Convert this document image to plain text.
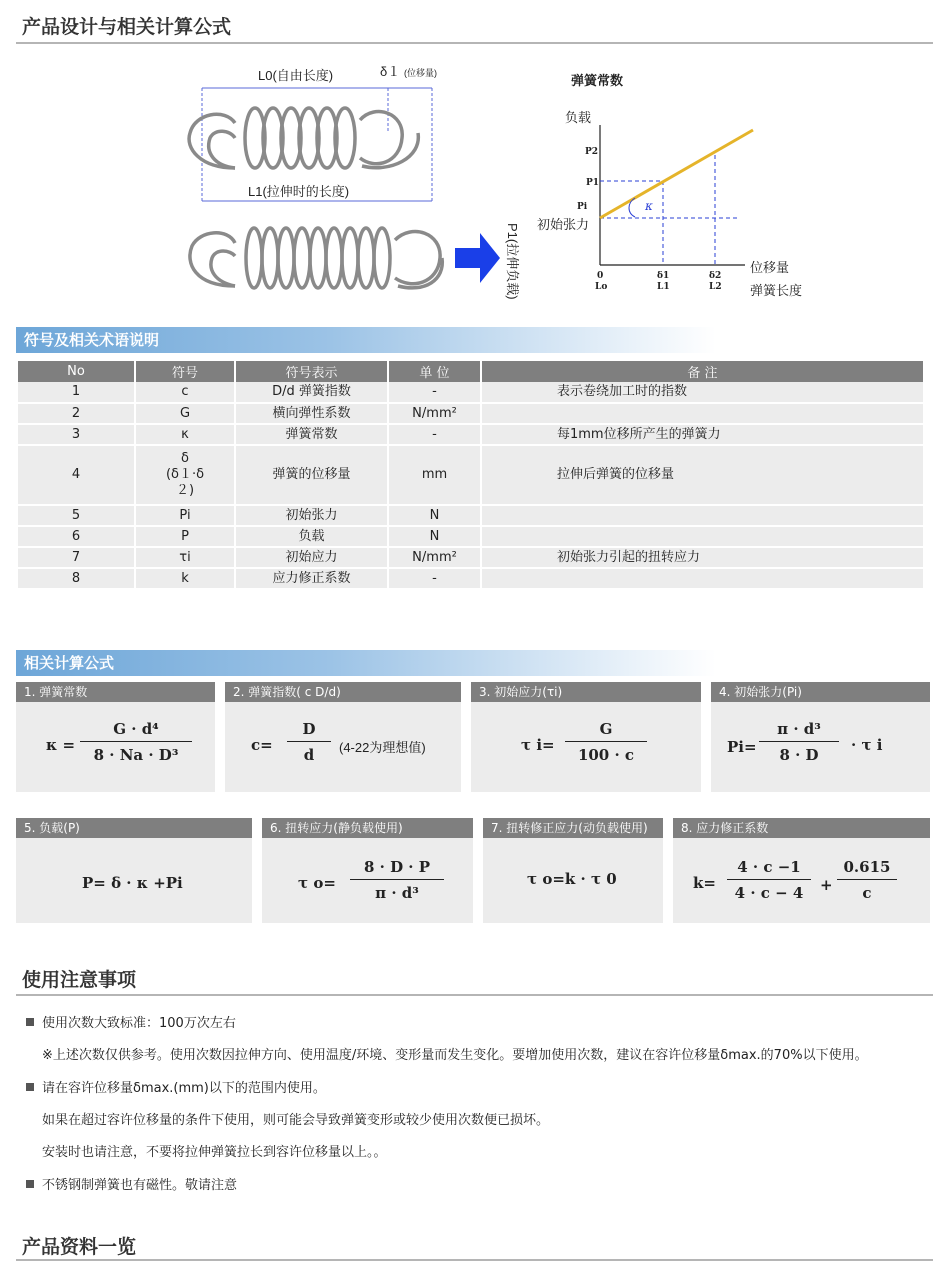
产品设计与相关计算公式
L0(自由长度)	δ１ (位移量)
L1(拉伸时的长度)
P1(拉伸负载)
弹簧常数
负载
κ
P2
P1
Pi
0
Lo
δ1
L1
δ2
L2
初始张力
位移量
弹簧长度
符号及相关术语说明
No	符号	符号表示	单 位	备 注
1	c	D/d 弹簧指数	-	表示卷绕加工时的指数
2	G	横向弹性系数	N/mm²	
3	κ	弹簧常数	-	每1mm位移所产生的弹簧力
4	δ
(δ１·δ
２)	弹簧的位移量	mm	拉伸后弹簧的位移量
5	Pi	初始张力	N	
6	P	负载	N	
7	τi	初始应力	N/mm²	初始张力引起的扭转应力
8	k	应力修正系数	-	
相关计算公式
1. 弹簧常数
κ =
G · d⁴
8 · Na · D³
2. 弹簧指数( c D/d)
c=
D
d	(4-22为理想值)
3. 初始应力(τi)
τ i=
G
100 · c
4. 初始张力(Pi)
Pi=
π · d³
8 · D
· τ i
5. 负载(P)
P= δ · κ +Pi
6. 扭转应力(静负载使用)
τ o=
8 · D · P
π · d³
7. 扭转修正应力(动负载使用)
τ o=k · τ 0
8. 应力修正系数
k=
4 · c −1
4 · c − 4	+
0.615
c
使用注意事项
使用次数大致标准：100万次左右
※上述次数仅供参考。使用次数因拉伸方向、使用温度/环境、变形量而发生变化。要增加使用次数，建议在容许位移量δmax.的70%以下使用。
请在容许位移量δmax.(mm)以下的范围内使用。
如果在超过容许位移量的条件下使用，则可能会导致弹簧变形或较少使用次数便已损坏。
安装时也请注意，不要将拉伸弹簧拉长到容许位移量以上。。
不锈钢制弹簧也有磁性。敬请注意
产品资料一览
